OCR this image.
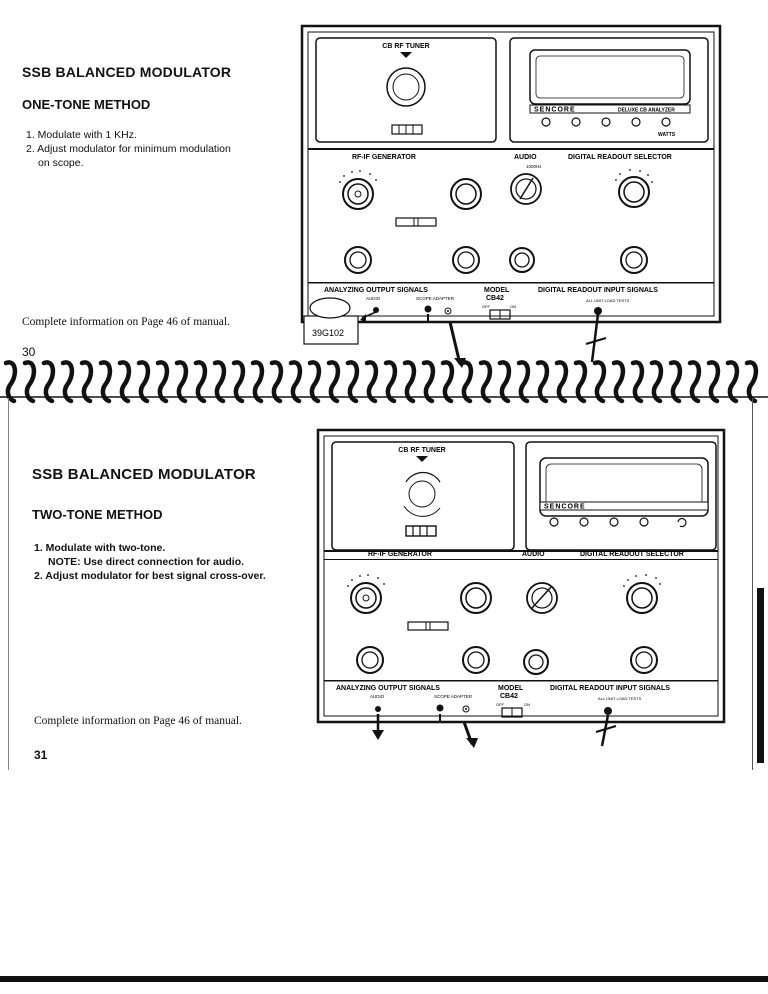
SSB BALANCED MODULATOR
ONE-TONE METHOD
1. Modulate with 1 KHz.
2. Adjust modulator for minimum modulation
on scope.
Complete information on Page 46 of manual.
30
CB RF TUNER
SENCORE	DELUXE CB ANALYZER
WATTS
RF-IF GENERATOR	AUDIO
1000Hz
DIGITAL READOUT SELECTOR
ANALYZING OUTPUT SIGNALS	MODEL
CB42
DIGITAL READOUT INPUT SIGNALS
AUDIO	SCOPE ADAPTER
OFF	ON
ALL UNIT LOAD TESTS
39G102
SSB BALANCED MODULATOR
TWO-TONE METHOD
1. Modulate with two-tone.
NOTE: Use direct connection for audio.
2. Adjust modulator for best signal cross-over.
Complete information on Page 46 of manual.
31
CB RF TUNER
SENCORE
RF-IF GENERATOR	AUDIO	DIGITAL READOUT SELECTOR
ANALYZING OUTPUT SIGNALS	MODEL
CB42
DIGITAL READOUT INPUT SIGNALS
AUDIO	SCOPE ADAPTER
OFF	ON
ALL UNIT LOAD TESTS
